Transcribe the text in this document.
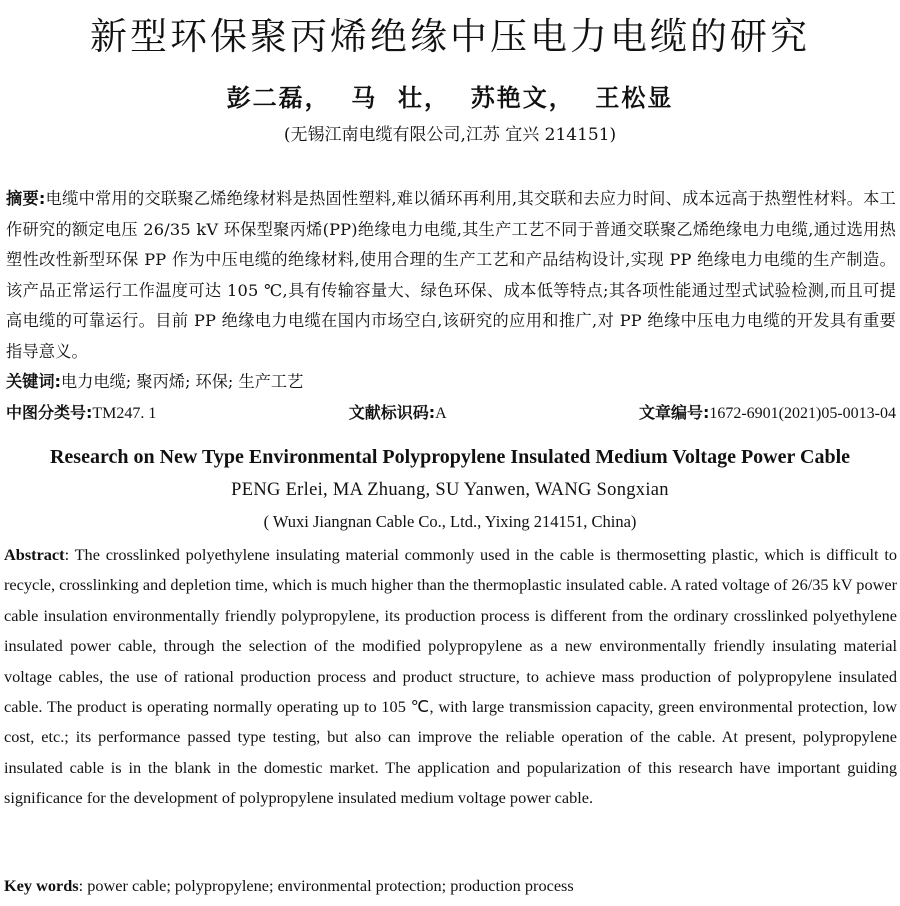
新型环保聚丙烯绝缘中压电力电缆的研究
彭二磊，  马  壮，  苏艳文，  王松显
(无锡江南电缆有限公司,江苏 宜兴 214151)
摘要:电缆中常用的交联聚乙烯绝缘材料是热固性塑料,难以循环再利用,其交联和去应力时间、成本远高于热塑性材料。本工作研究的额定电压 26/35 kV 环保型聚丙烯(PP)绝缘电力电缆,其生产工艺不同于普通交联聚乙烯绝缘电力电缆,通过选用热塑性改性新型环保 PP 作为中压电缆的绝缘材料,使用合理的生产工艺和产品结构设计,实现 PP 绝缘电力电缆的生产制造。该产品正常运行工作温度可达 105 ℃,具有传输容量大、绿色环保、成本低等特点;其各项性能通过型式试验检测,而且可提高电缆的可靠运行。目前 PP 绝缘电力电缆在国内市场空白,该研究的应用和推广,对 PP 绝缘中压电力电缆的开发具有重要指导意义。
关键词:电力电缆; 聚丙烯; 环保; 生产工艺
中图分类号:TM247. 1	文献标识码:A	文章编号:1672-6901(2021)05-0013-04
Research on New Type Environmental Polypropylene Insulated Medium Voltage Power Cable
PENG Erlei, MA Zhuang, SU Yanwen, WANG Songxian
( Wuxi Jiangnan Cable Co., Ltd., Yixing 214151, China)
Abstract: The crosslinked polyethylene insulating material commonly used in the cable is thermosetting plastic, which is difficult to recycle, crosslinking and depletion time, which is much higher than the thermoplastic insulated cable. A rated voltage of 26/35 kV power cable insulation environmentally friendly polypropylene, its production process is different from the ordinary crosslinked polyethylene insulated power cable, through the selection of the modified polypropylene as a new environmentally friendly insulating material voltage cables, the use of rational production process and product structure, to achieve mass production of polypropylene insulated cable. The product is operating normally operating up to 105 ℃, with large transmission capacity, green environmental protection, low cost, etc.; its performance passed type testing, but also can improve the reliable operation of the cable. At present, polypropylene insulated cable is in the blank in the domestic market. The application and popularization of this research have important guiding significance for the development of polypropylene insulated medium voltage power cable.
Key words: power cable; polypropylene; environmental protection; production process
